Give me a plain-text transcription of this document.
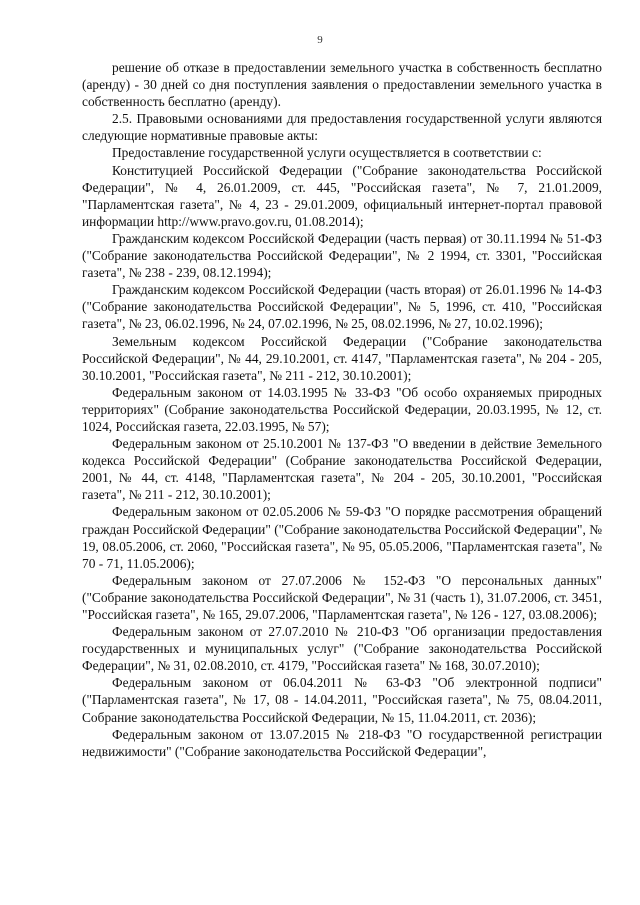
9

решение об отказе в предоставлении земельного участка в собственность бесплатно (аренду) - 30 дней со дня поступления заявления о предоставлении земельного участка в собственность бесплатно (аренду).

2.5. Правовыми основаниями для предоставления государственной услуги являются следующие нормативные правовые акты:

Предоставление государственной услуги осуществляется в соответствии с:

Конституцией Российской Федерации ("Собрание законодательства Российской Федерации", № 4, 26.01.2009, ст. 445, "Российская газета", № 7, 21.01.2009, "Парламентская газета", № 4, 23 - 29.01.2009, официальный интернет-портал правовой информации http://www.pravo.gov.ru, 01.08.2014);

Гражданским кодексом Российской Федерации (часть первая) от 30.11.1994 № 51-ФЗ ("Собрание законодательства Российской Федерации", № 2 1994, ст. 3301, "Российская газета", № 238 - 239, 08.12.1994);

Гражданским кодексом Российской Федерации (часть вторая) от 26.01.1996 № 14-ФЗ ("Собрание законодательства Российской Федерации", № 5, 1996, ст. 410, "Российская газета", № 23, 06.02.1996, № 24, 07.02.1996, № 25, 08.02.1996, № 27, 10.02.1996);

Земельным кодексом Российской Федерации ("Собрание законодательства Российской Федерации", № 44, 29.10.2001, ст. 4147, "Парламентская газета", № 204 - 205, 30.10.2001, "Российская газета", № 211 - 212, 30.10.2001);

Федеральным законом от 14.03.1995 № 33-ФЗ "Об особо охраняемых природных территориях" (Собрание законодательства Российской Федерации, 20.03.1995, № 12, ст. 1024, Российская газета, 22.03.1995, № 57);

Федеральным законом от 25.10.2001 № 137-ФЗ "О введении в действие Земельного кодекса Российской Федерации" (Собрание законодательства Российской Федерации, 2001, № 44, ст. 4148, "Парламентская газета", № 204 - 205, 30.10.2001, "Российская газета", № 211 - 212, 30.10.2001);

Федеральным законом от 02.05.2006 № 59-ФЗ "О порядке рассмотрения обращений граждан Российской Федерации" ("Собрание законодательства Российской Федерации", № 19, 08.05.2006, ст. 2060, "Российская газета", № 95, 05.05.2006, "Парламентская газета", № 70 - 71, 11.05.2006);

Федеральным законом от 27.07.2006 № 152-ФЗ "О персональных данных" ("Собрание законодательства Российской Федерации", № 31 (часть 1), 31.07.2006, ст. 3451, "Российская газета", № 165, 29.07.2006, "Парламентская газета", № 126 - 127, 03.08.2006);

Федеральным законом от 27.07.2010 № 210-ФЗ "Об организации предоставления государственных и муниципальных услуг" ("Собрание законодательства Российской Федерации", № 31, 02.08.2010, ст. 4179, "Российская газета" № 168, 30.07.2010);

Федеральным законом от 06.04.2011 № 63-ФЗ "Об электронной подписи" ("Парламентская газета", № 17, 08 - 14.04.2011, "Российская газета", № 75, 08.04.2011, Собрание законодательства Российской Федерации, № 15, 11.04.2011, ст. 2036);

Федеральным законом от 13.07.2015 № 218-ФЗ "О государственной регистрации недвижимости" ("Собрание законодательства Российской Федерации",
